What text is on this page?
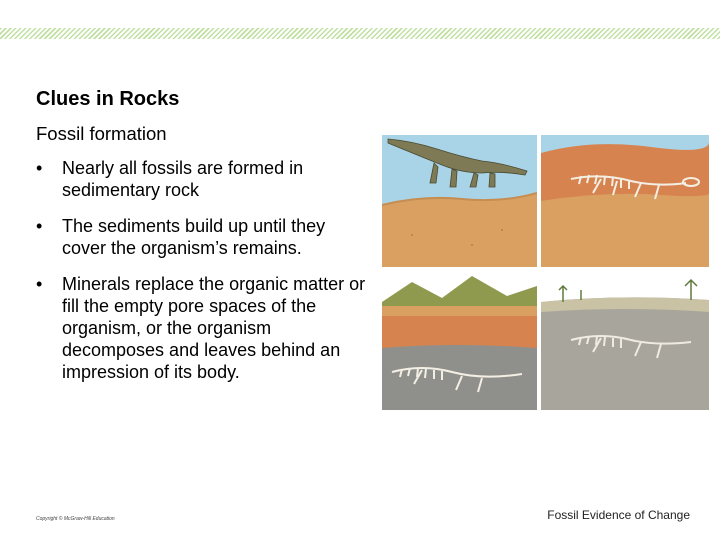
Clues in Rocks
Fossil formation
• Nearly all fossils are formed in sedimentary rock
• The sediments build up until they cover the organism’s remains.
• Minerals replace the organic matter or fill the empty pore spaces of the organism, or the organism decomposes and leaves behind an impression of its body.
Copyright © McGraw-Hill Education	Fossil Evidence of Change
